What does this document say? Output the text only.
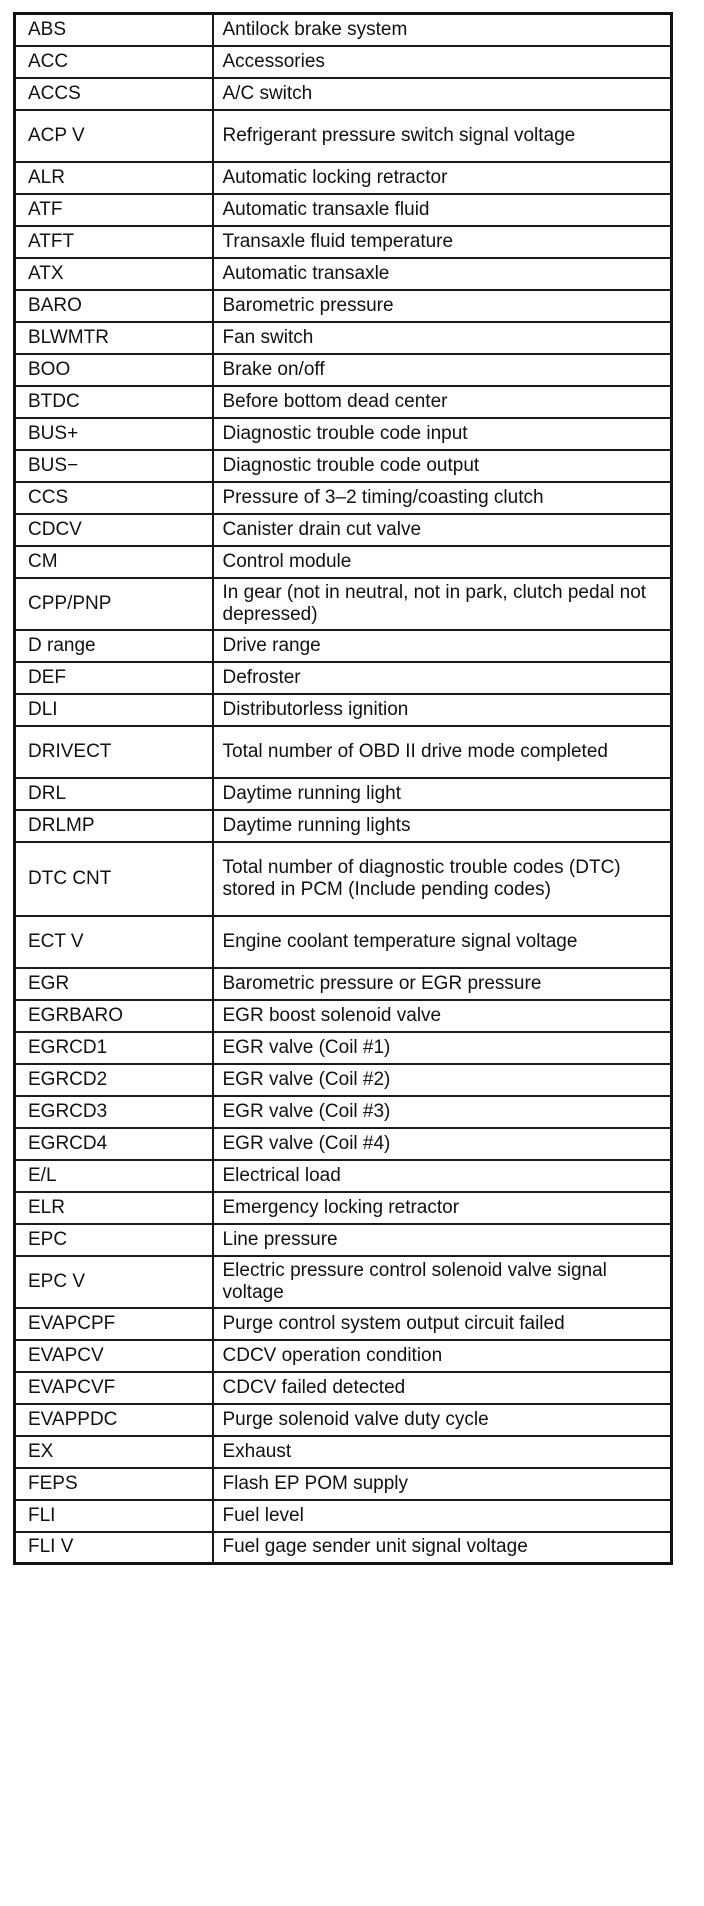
ABS	Antilock brake system
ACC	Accessories
ACCS	A/C switch
ACP V	Refrigerant pressure switch signal voltage
ALR	Automatic locking retractor
ATF	Automatic transaxle fluid
ATFT	Transaxle fluid temperature
ATX	Automatic transaxle
BARO	Barometric pressure
BLWMTR	Fan switch
BOO	Brake on/off
BTDC	Before bottom dead center
BUS+	Diagnostic trouble code input
BUS−	Diagnostic trouble code output
CCS	Pressure of 3–2 timing/coasting clutch
CDCV	Canister drain cut valve
CM	Control module
CPP/PNP	In gear (not in neutral, not in park, clutch pedal not depressed)
D range	Drive range
DEF	Defroster
DLI	Distributorless ignition
DRIVECT	Total number of OBD II drive mode completed
DRL	Daytime running light
DRLMP	Daytime running lights
DTC CNT	Total number of diagnostic trouble codes (DTC) stored in PCM (Include pending codes)
ECT V	Engine coolant temperature signal voltage
EGR	Barometric pressure or EGR pressure
EGRBARO	EGR boost solenoid valve
EGRCD1	EGR valve (Coil #1)
EGRCD2	EGR valve (Coil #2)
EGRCD3	EGR valve (Coil #3)
EGRCD4	EGR valve (Coil #4)
E/L	Electrical load
ELR	Emergency locking retractor
EPC	Line pressure
EPC V	Electric pressure control solenoid valve signal voltage
EVAPCPF	Purge control system output circuit failed
EVAPCV	CDCV operation condition
EVAPCVF	CDCV failed detected
EVAPPDC	Purge solenoid valve duty cycle
EX	Exhaust
FEPS	Flash EP POM supply
FLI	Fuel level
FLI V	Fuel gage sender unit signal voltage
